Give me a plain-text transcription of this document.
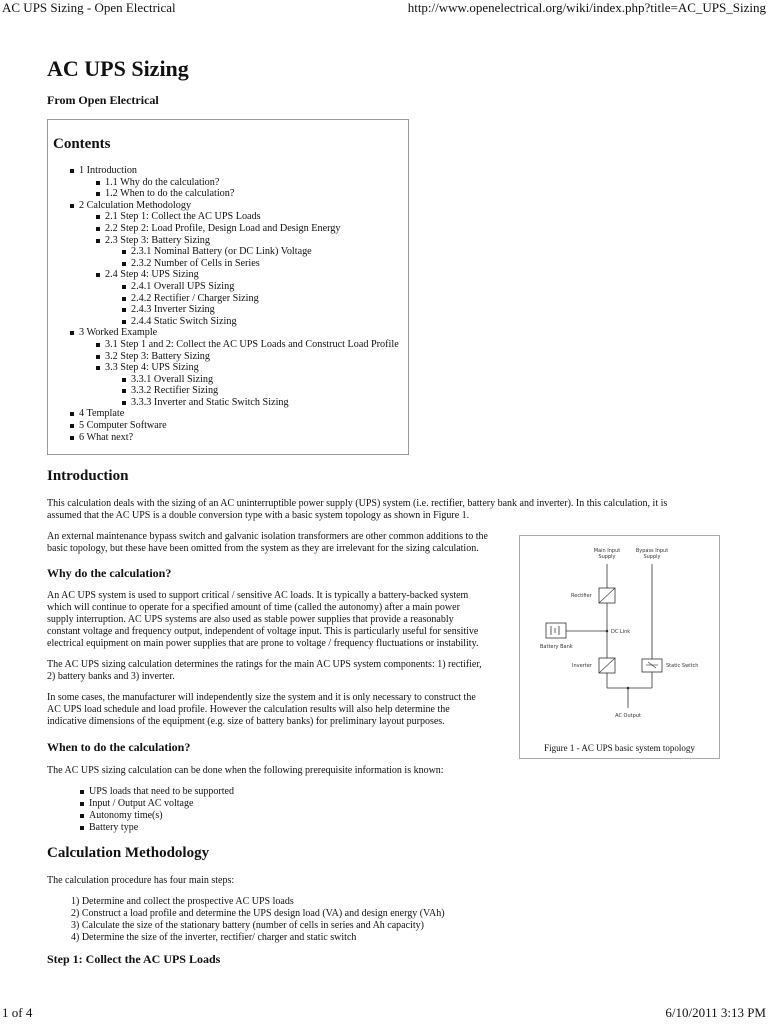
AC UPS Sizing - Open Electrical	http://www.openelectrical.org/wiki/index.php?title=AC_UPS_Sizing
AC UPS Sizing
From Open Electrical
Contents
1 Introduction
1.1 Why do the calculation?
1.2 When to do the calculation?
2 Calculation Methodology
2.1 Step 1: Collect the AC UPS Loads
2.2 Step 2: Load Profile, Design Load and Design Energy
2.3 Step 3: Battery Sizing
2.3.1 Nominal Battery (or DC Link) Voltage
2.3.2 Number of Cells in Series
2.4 Step 4: UPS Sizing
2.4.1 Overall UPS Sizing
2.4.2 Rectifier / Charger Sizing
2.4.3 Inverter Sizing
2.4.4 Static Switch Sizing
3 Worked Example
3.1 Step 1 and 2: Collect the AC UPS Loads and Construct Load Profile
3.2 Step 3: Battery Sizing
3.3 Step 4: UPS Sizing
3.3.1 Overall Sizing
3.3.2 Rectifier Sizing
3.3.3 Inverter and Static Switch Sizing
4 Template
5 Computer Software
6 What next?
Introduction

This calculation deals with the sizing of an AC uninterruptible power supply (UPS) system (i.e. rectifier, battery bank and inverter). In this calculation, it is

assumed that the AC UPS is a double conversion type with a basic system topology as shown in Figure 1.

An external maintenance bypass switch and galvanic isolation transformers are other common additions to the

basic topology, but these have been omitted from the system as they are irrelevant for the sizing calculation.

Why do the calculation?

An AC UPS system is used to support critical / sensitive AC loads. It is typically a battery-backed system

which will continue to operate for a specified amount of time (called the autonomy) after a main power

supply interruption. AC UPS systems are also used as stable power supplies that provide a reasonably

constant voltage and frequency output, independent of voltage input. This is particularly useful for sensitive

electrical equipment on main power supplies that are prone to voltage / frequency fluctuations or instability.

The AC UPS sizing calculation determines the ratings for the main AC UPS system components: 1) rectifier,

2) battery banks and 3) inverter.

In some cases, the manufacturer will independently size the system and it is only necessary to construct the

AC UPS load schedule and load profile. However the calculation results will also help determine the

indicative dimensions of the equipment (e.g. size of battery banks) for preliminary layout purposes.

When to do the calculation?

The AC UPS sizing calculation can be done when the following prerequisite information is known:

UPS loads that need to be supported
Input / Output AC voltage
Autonomy time(s)
Battery type
Calculation Methodology

The calculation procedure has four main steps:

1) Determine and collect the prospective AC UPS loads
2) Construct a load profile and determine the UPS design load (VA) and design energy (VAh)
3) Calculate the size of the stationary battery (number of cells in series and Ah capacity)
4) Determine the size of the inverter, rectifier/ charger and static switch
Step 1: Collect the AC UPS Loads
Main Input
Supply
Bypass Input
Supply
Rectifier
DC Link
Battery Bank
Inverter	Static Switch
AC Output
Figure 1 - AC UPS basic system topology
1 of 4	6/10/2011 3:13 PM
